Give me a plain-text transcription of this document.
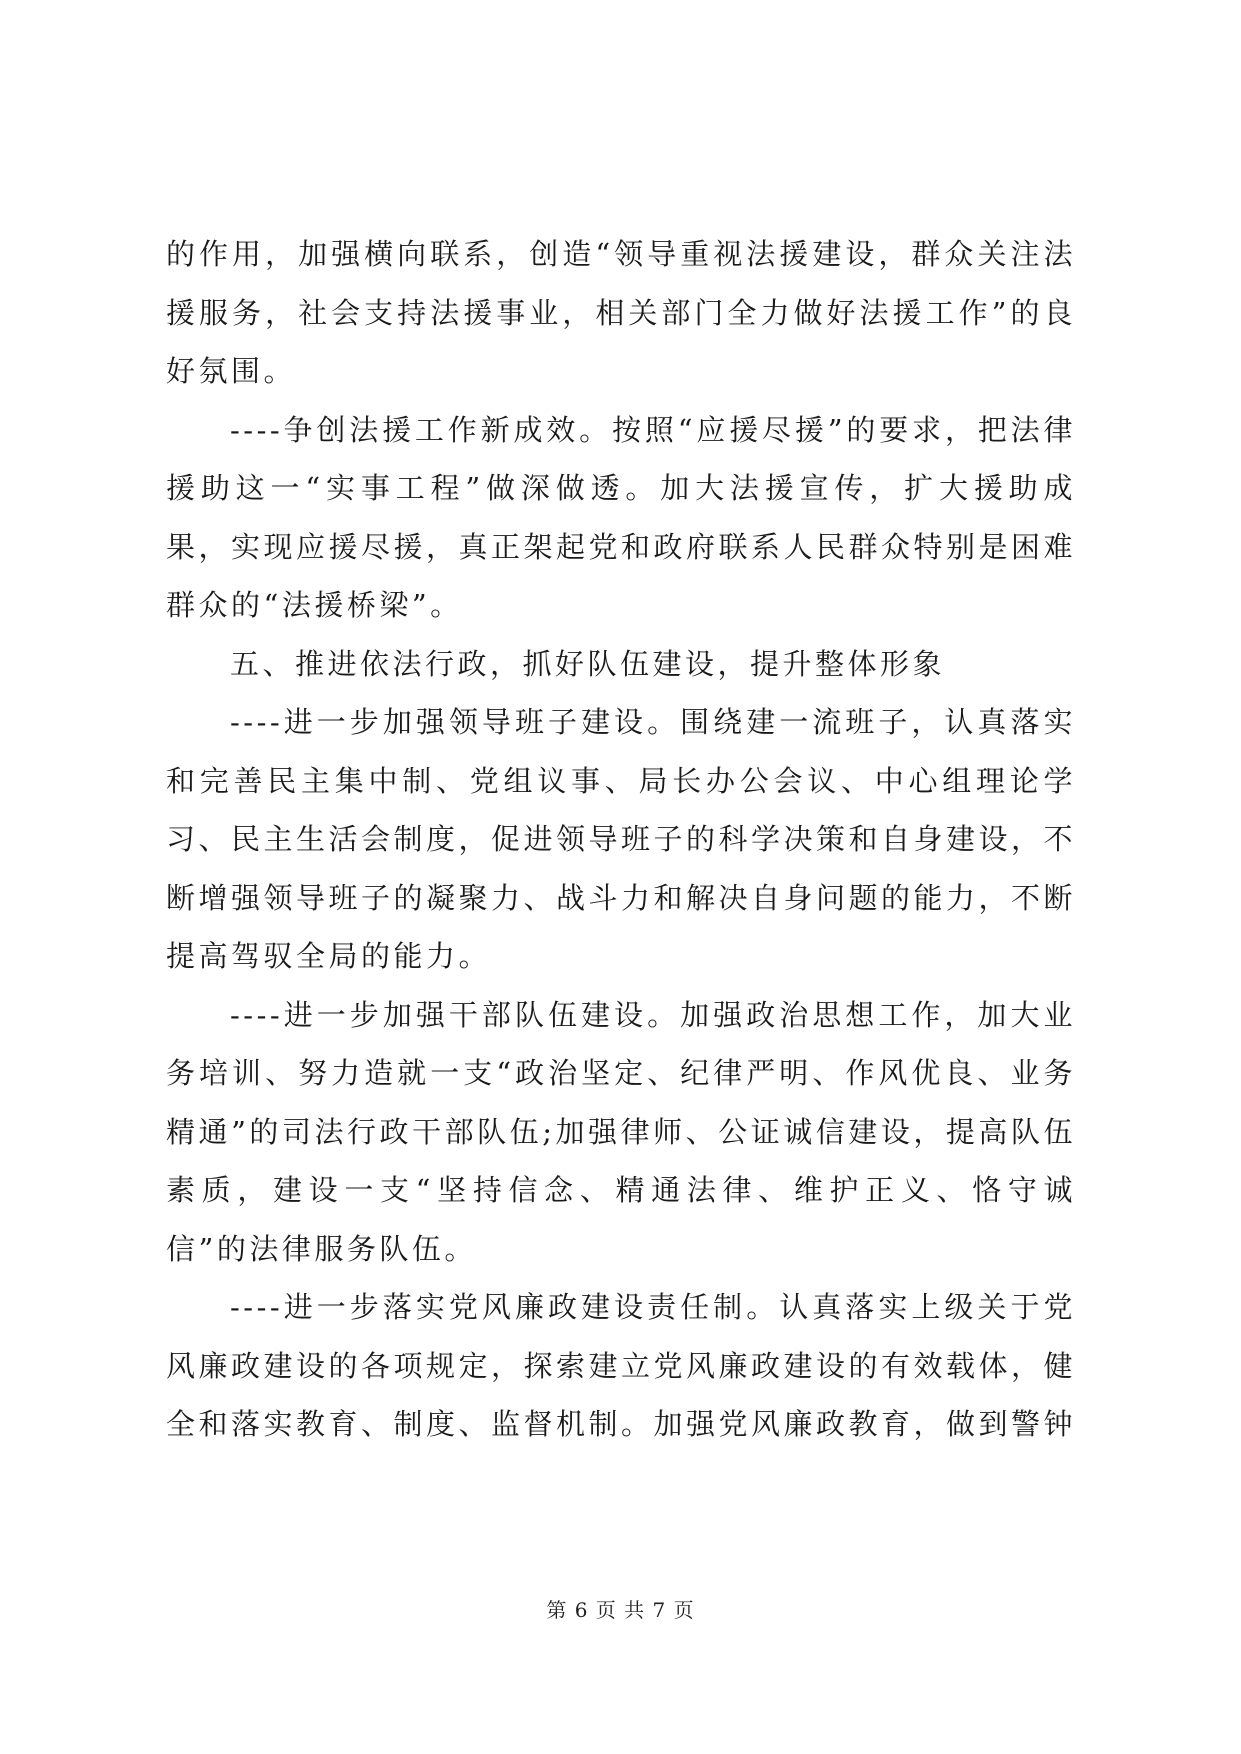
的作用，加强横向联系，创造“领导重视法援建设，群众关注法援服务，社会支持法援事业，相关部门全力做好法援工作”的良好氛围。

----争创法援工作新成效。按照“应援尽援”的要求，把法律援助这一“实事工程”做深做透。加大法援宣传，扩大援助成果，实现应援尽援，真正架起党和政府联系人民群众特别是困难群众的“法援桥梁”。

五、推进依法行政，抓好队伍建设，提升整体形象

----进一步加强领导班子建设。围绕建一流班子，认真落实和完善民主集中制、党组议事、局长办公会议、中心组理论学习、民主生活会制度，促进领导班子的科学决策和自身建设，不断增强领导班子的凝聚力、战斗力和解决自身问题的能力，不断提高驾驭全局的能力。

----进一步加强干部队伍建设。加强政治思想工作，加大业务培训、努力造就一支“政治坚定、纪律严明、作风优良、业务精通”的司法行政干部队伍;加强律师、公证诚信建设，提高队伍素质，建设一支“坚持信念、精通法律、维护正义、恪守诚信”的法律服务队伍。

----进一步落实党风廉政建设责任制。认真落实上级关于党风廉政建设的各项规定，探索建立党风廉政建设的有效载体，健全和落实教育、制度、监督机制。加强党风廉政教育，做到警钟

第 6 页 共 7 页
